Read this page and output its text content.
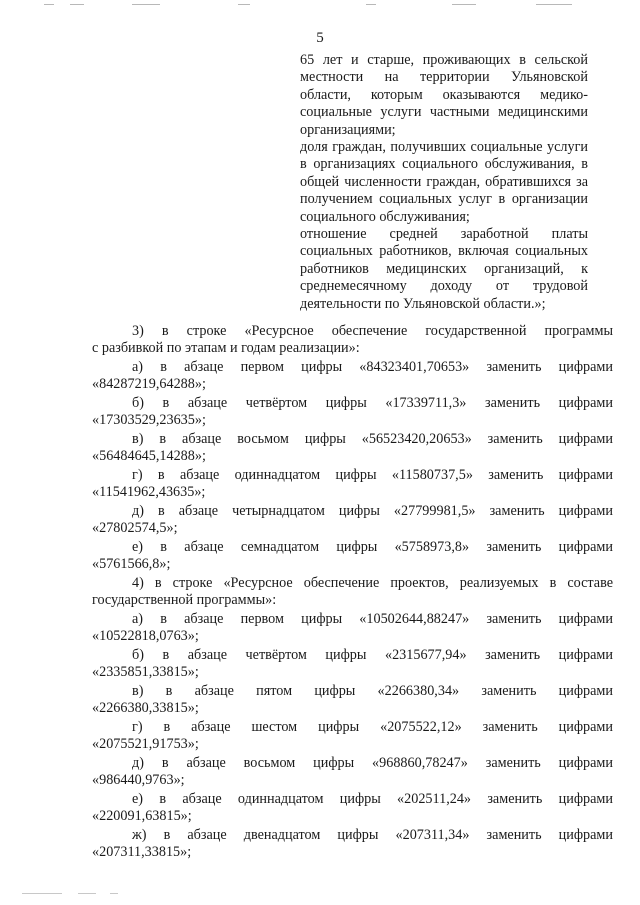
5

65 лет и старше, проживающих в сельской местности на территории Ульяновской области, которым оказываются медико-социальные услуги частными медицинскими организациями;

доля граждан, получивших социальные услуги в организациях социального обслуживания, в общей численности граждан, обратившихся за получением социальных услуг в организации социального обслуживания;

отношение средней заработной платы социальных работников, включая социальных работников медицинских организаций, к среднемесячному доходу от трудовой деятельности по Ульяновской области.»;

3) в строке «Ресурсное обеспечение государственной программы
с разбивкой по этапам и годам реализации»:
а) в абзаце первом цифры «84323401,70653» заменить цифрами
«84287219,64288»;
б) в абзаце четвёртом цифры «17339711,3» заменить цифрами
«17303529,23635»;
в) в абзаце восьмом цифры «56523420,20653» заменить цифрами
«56484645,14288»;
г) в абзаце одиннадцатом цифры «11580737,5» заменить цифрами
«11541962,43635»;
д) в абзаце четырнадцатом цифры «27799981,5» заменить цифрами
«27802574,5»;
е) в абзаце семнадцатом цифры «5758973,8» заменить цифрами
«5761566,8»;
4) в строке «Ресурсное обеспечение проектов, реализуемых в составе
государственной программы»:
а) в абзаце первом цифры «10502644,88247» заменить цифрами
«10522818,0763»;
б) в абзаце четвёртом цифры «2315677,94» заменить цифрами
«2335851,33815»;
в) в абзаце пятом цифры «2266380,34» заменить цифрами
«2266380,33815»;
г) в абзаце шестом цифры «2075522,12» заменить цифрами
«2075521,91753»;
д) в абзаце восьмом цифры «968860,78247» заменить цифрами
«986440,9763»;
е) в абзаце одиннадцатом цифры «202511,24» заменить цифрами
«220091,63815»;
ж) в абзаце двенадцатом цифры «207311,34» заменить цифрами
«207311,33815»;
